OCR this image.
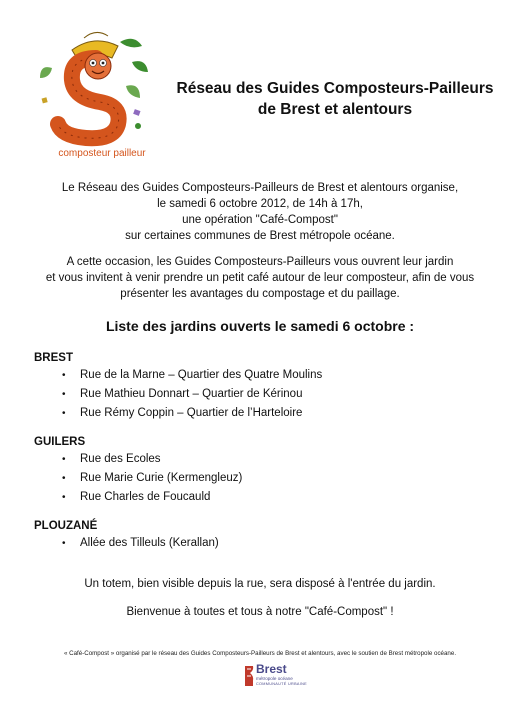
composteur pailleur
Réseau des Guides Composteurs-Pailleurs
de Brest et alentours
Le Réseau des Guides Composteurs-Pailleurs de Brest et alentours organise,
le samedi 6 octobre 2012, de 14h à 17h,
une opération "Café-Compost"
sur certaines communes de Brest métropole océane.
A cette occasion, les Guides Composteurs-Pailleurs vous ouvrent leur jardin
et vous invitent à venir prendre un petit café autour de leur composteur, afin de vous
présenter les avantages du compostage et du paillage.
Liste des jardins ouverts le samedi 6 octobre :
BREST
• Rue de la Marne – Quartier des Quatre Moulins
• Rue Mathieu Donnart – Quartier de Kérinou
• Rue Rémy Coppin – Quartier de l’Harteloire
GUILERS
• Rue des Ecoles
• Rue Marie Curie (Kermengleuz)
• Rue Charles de Foucauld
PLOUZANÉ
• Allée des Tilleuls (Kerallan)
Un totem, bien visible depuis la rue, sera disposé à l'entrée du jardin.
Bienvenue à toutes et tous à notre "Café-Compost" !
« Café-Compost » organisé par le réseau des Guides Composteurs-Pailleurs de Brest et alentours, avec le soutien de Brest métropole océane.
Brest
métropole océane
COMMUNAUTÉ URBAINE
